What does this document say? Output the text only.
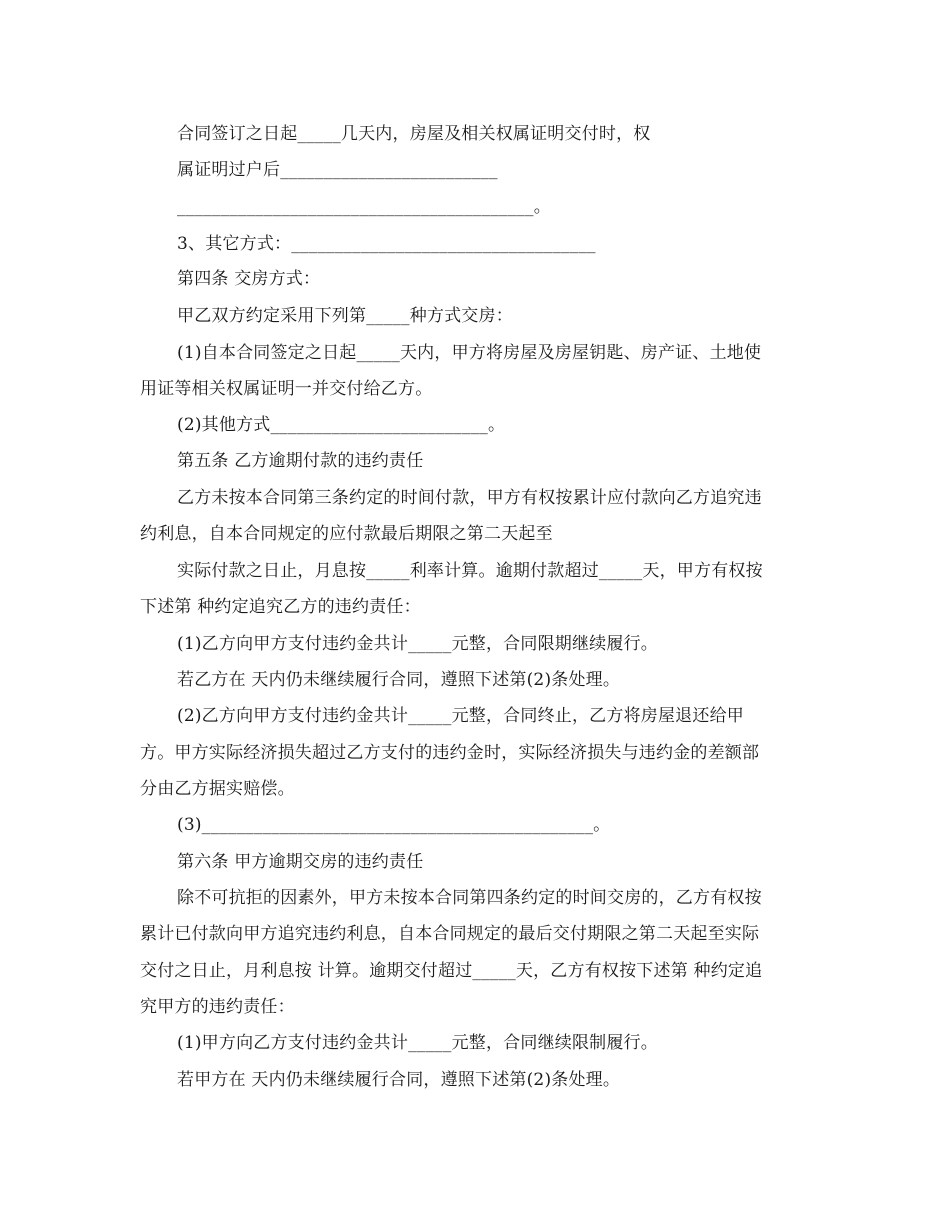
合同签订之日起_____几天内，房屋及相关权属证明交付时，权
属证明过户后_________________________
_________________________________________。
3、其它方式：___________________________________
第四条 交房方式：
甲乙双方约定采用下列第_____种方式交房：
(1)自本合同签定之日起_____天内，甲方将房屋及房屋钥匙、房产证、土地使
用证等相关权属证明一并交付给乙方。
(2)其他方式_________________________。
第五条 乙方逾期付款的违约责任
乙方未按本合同第三条约定的时间付款，甲方有权按累计应付款向乙方追究违
约利息，自本合同规定的应付款最后期限之第二天起至
实际付款之日止，月息按_____利率计算。逾期付款超过_____天，甲方有权按
下述第 种约定追究乙方的违约责任：
(1)乙方向甲方支付违约金共计_____元整，合同限期继续履行。
若乙方在 天内仍未继续履行合同，遵照下述第(2)条处理。
(2)乙方向甲方支付违约金共计_____元整，合同终止，乙方将房屋退还给甲
方。甲方实际经济损失超过乙方支付的违约金时，实际经济损失与违约金的差额部
分由乙方据实赔偿。
(3)_____________________________________________。
第六条 甲方逾期交房的违约责任
除不可抗拒的因素外，甲方未按本合同第四条约定的时间交房的，乙方有权按
累计已付款向甲方追究违约利息，自本合同规定的最后交付期限之第二天起至实际
交付之日止，月利息按 计算。逾期交付超过_____天，乙方有权按下述第 种约定追
究甲方的违约责任：
(1)甲方向乙方支付违约金共计_____元整，合同继续限制履行。
若甲方在 天内仍未继续履行合同，遵照下述第(2)条处理。
